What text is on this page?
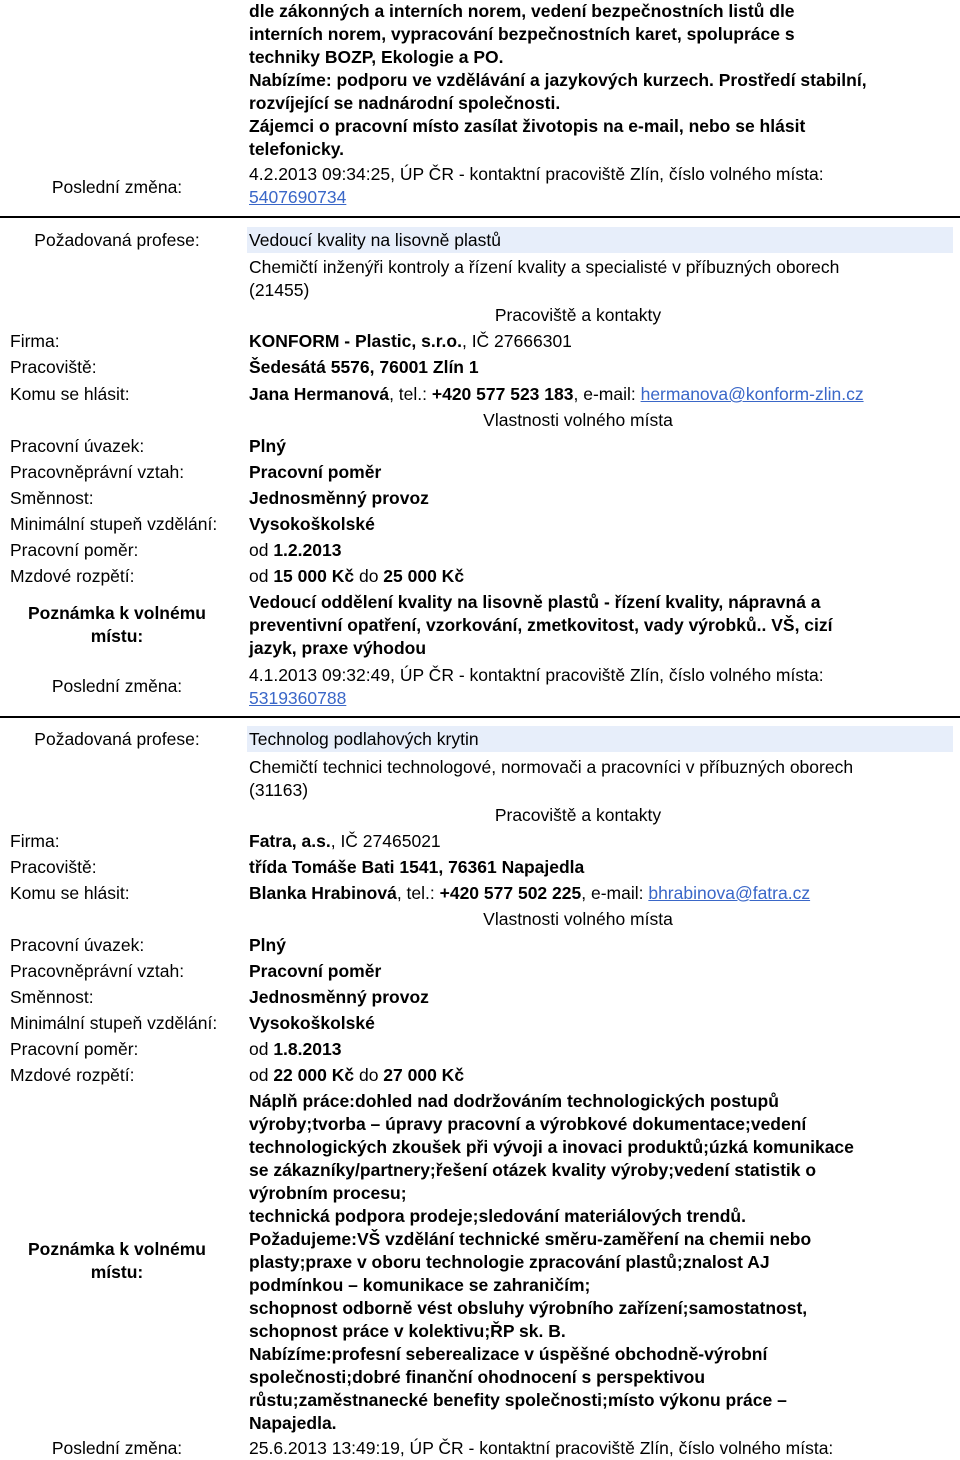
dle zákonných a interních norem, vedení bezpečnostních listů dle
interních norem, vypracování bezpečnostních karet, spolupráce s
techniky BOZP, Ekologie a PO.
Nabízíme: podporu ve vzdělávání a jazykových kurzech. Prostředí stabilní,
rozvíjející se nadnárodní společnosti.
Zájemci o pracovní místo zasílat životopis na e-mail, nebo se hlásit
telefonicky.
Poslední změna:
4.2.2013 09:34:25, ÚP ČR - kontaktní pracoviště Zlín, číslo volného místa:
5407690734
Požadovaná profese:	Vedoucí kvality na lisovně plastů
Chemičtí inženýři kontroly a řízení kvality a specialisté v příbuzných oborech
(21455)
Pracoviště a kontakty
Firma:	KONFORM - Plastic, s.r.o., IČ 27666301
Pracoviště:	Šedesátá 5576, 76001 Zlín 1
Komu se hlásit:	Jana Hermanová, tel.: +420 577 523 183, e-mail: hermanova@konform-zlin.cz
Vlastnosti volného místa
Pracovní úvazek:	Plný
Pracovněprávní vztah:	Pracovní poměr
Směnnost:	Jednosměnný provoz
Minimální stupeň vzdělání: Vysokoškolské
Pracovní poměr:	od 1.2.2013
Mzdové rozpětí:	od 15 000 Kč do 25 000 Kč
Poznámka k volnému
místu:
Vedoucí oddělení kvality na lisovně plastů - řízení kvality, nápravná a
preventivní opatření, vzorkování, zmetkovitost, vady výrobků.. VŠ, cizí
jazyk, praxe výhodou
Poslední změna:
4.1.2013 09:32:49, ÚP ČR - kontaktní pracoviště Zlín, číslo volného místa:
5319360788
Požadovaná profese:	Technolog podlahových krytin
Chemičtí technici technologové, normovači a pracovníci v příbuzných oborech
(31163)
Pracoviště a kontakty
Firma:	Fatra, a.s., IČ 27465021
Pracoviště:	třída Tomáše Bati 1541, 76361 Napajedla
Komu se hlásit:	Blanka Hrabinová, tel.: +420 577 502 225, e-mail: bhrabinova@fatra.cz
Vlastnosti volného místa
Pracovní úvazek:	Plný
Pracovněprávní vztah:	Pracovní poměr
Směnnost:	Jednosměnný provoz
Minimální stupeň vzdělání: Vysokoškolské
Pracovní poměr:	od 1.8.2013
Mzdové rozpětí:	od 22 000 Kč do 27 000 Kč
Poznámka k volnému
místu:
Náplň práce:dohled nad dodržováním technologických postupů
výroby;tvorba – úpravy pracovní a výrobkové dokumentace;vedení
technologických zkoušek při vývoji a inovaci produktů;úzká komunikace
se zákazníky/partnery;řešení otázek kvality výroby;vedení statistik o
výrobním procesu;
technická podpora prodeje;sledování materiálových trendů.
Požadujeme:VŠ vzdělání technické směru-zaměření na chemii nebo
plasty;praxe v oboru technologie zpracování plastů;znalost AJ
podmínkou – komunikace se zahraničím;
schopnost odborně vést obsluhy výrobního zařízení;samostatnost,
schopnost práce v kolektivu;ŘP sk. B.
Nabízíme:profesní seberealizace v úspěšné obchodně-výrobní
společnosti;dobré finanční ohodnocení s perspektivou
růstu;zaměstnanecké benefity společnosti;místo výkonu práce –
Napajedla.
Poslední změna:	25.6.2013 13:49:19, ÚP ČR - kontaktní pracoviště Zlín, číslo volného místa:
